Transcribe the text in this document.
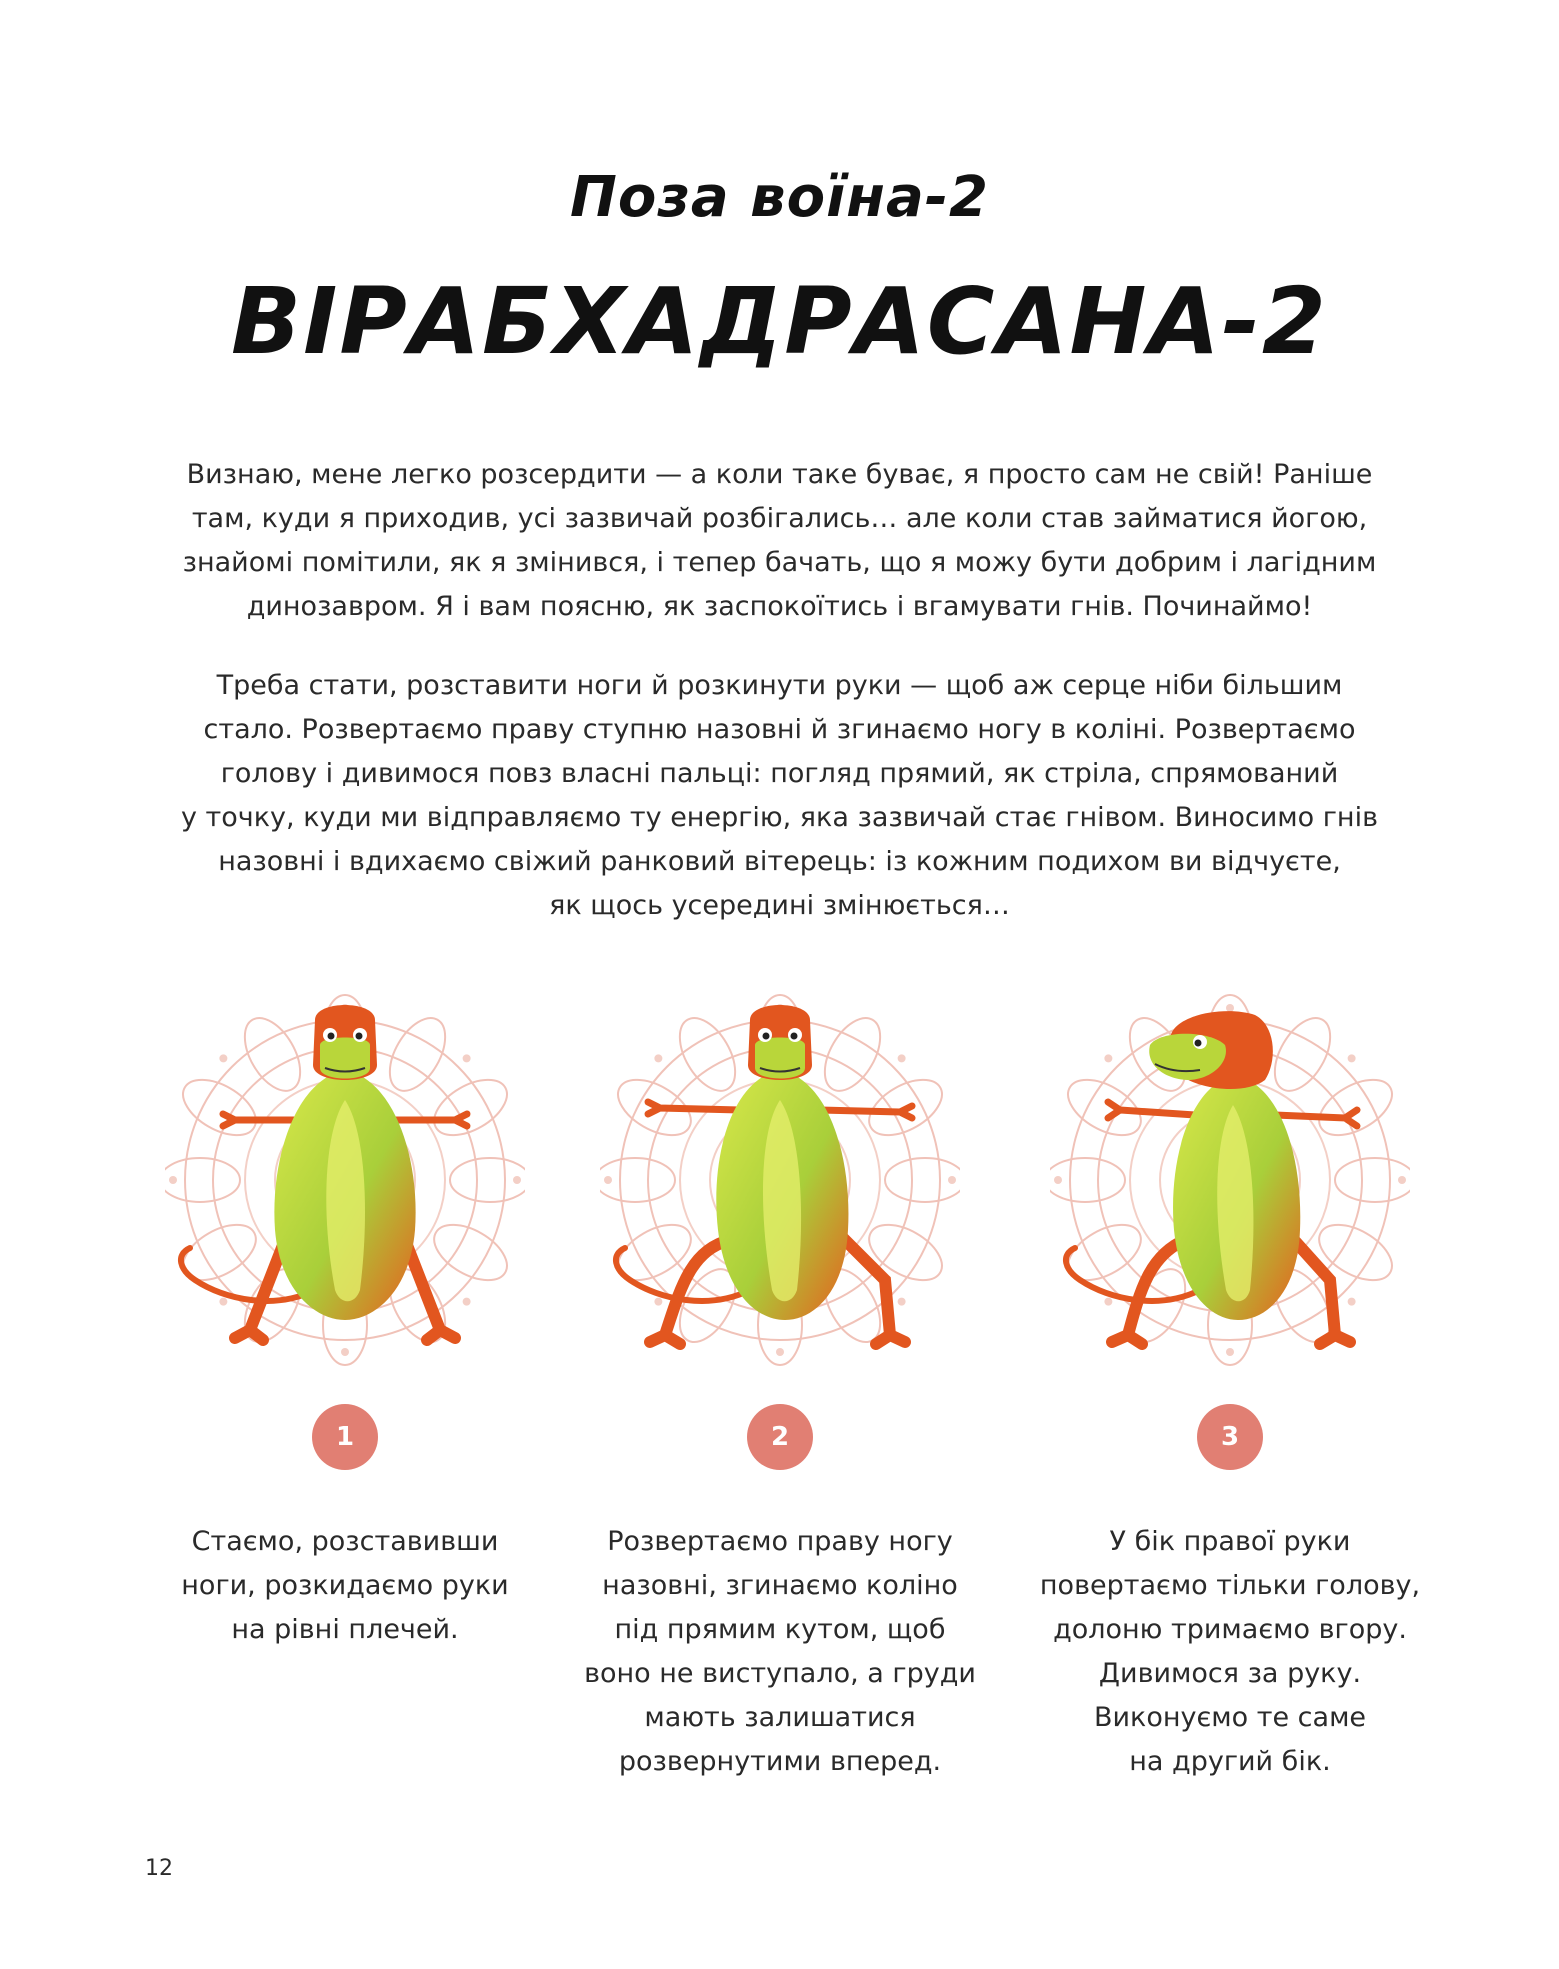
Поза воїна-2
ВІРАБХАДРАСАНА-2
Визнаю, мене легко розсердити — а коли таке буває, я просто сам не свій! Раніше
там, куди я приходив, усі зазвичай розбігались… але коли став займатися йогою,
знайомі помітили, як я змінився, і тепер бачать, що я можу бути добрим і лагідним
динозавром. Я і вам поясню, як заспокоїтись і вгамувати гнів. Починаймо!
Треба стати, розставити ноги й розкинути руки — щоб аж серце ніби більшим
стало. Розвертаємо праву ступню назовні й згинаємо ногу в коліні. Розвертаємо
голову і дивимося повз власні пальці: погляд прямий, як стріла, спрямований
у точку, куди ми відправляємо ту енергію, яка зазвичай стає гнівом. Виносимо гнів
назовні і вдихаємо свіжий ранковий вітерець: із кожним подихом ви відчуєте,
як щось усередині змінюється…
1
Стаємо, розставивши
ноги, розкидаємо руки
на рівні плечей.
2
Розвертаємо праву ногу
назовні, згинаємо коліно
під прямим кутом, щоб
воно не виступало, а груди
мають залишатися
розвернутими вперед.
3
У бік правої руки
повертаємо тільки голову,
долоню тримаємо вгору.
Дивимося за руку.
Виконуємо те саме
на другий бік.
12
